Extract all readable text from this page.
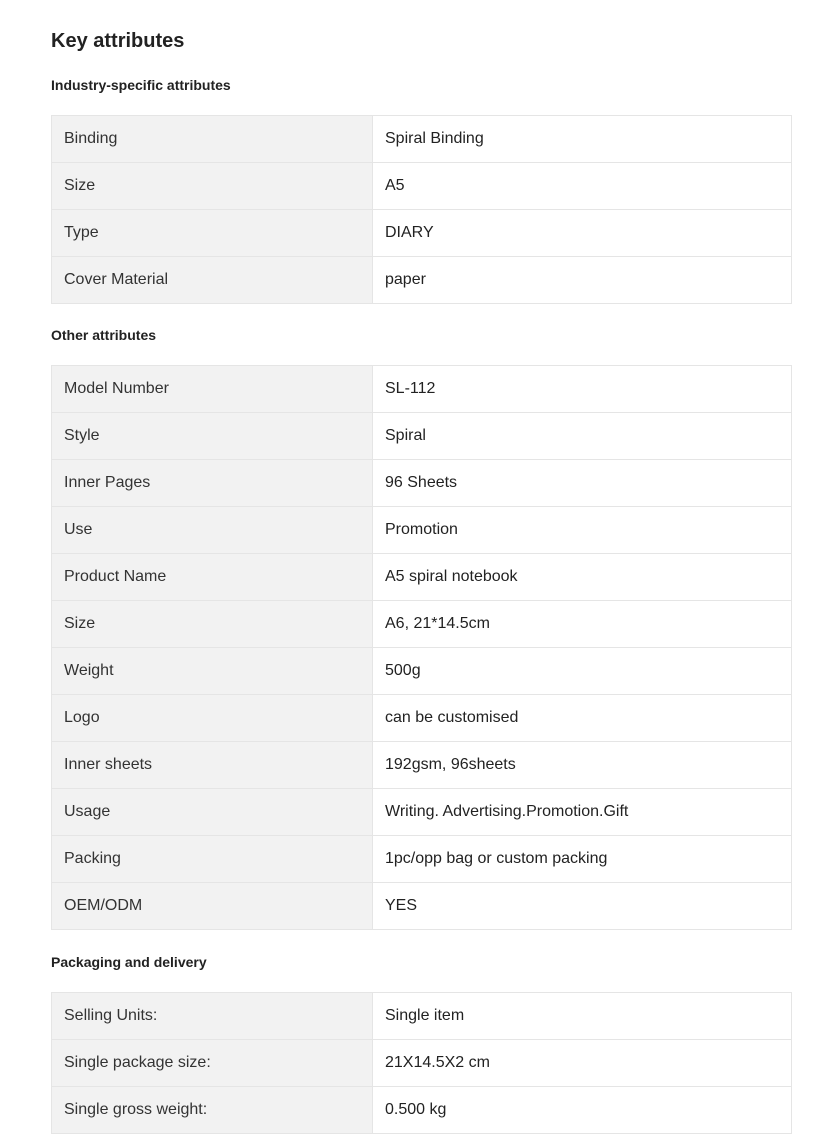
Key attributes
Industry-specific attributes
Binding	Spiral Binding
Size	A5
Type	DIARY
Cover Material	paper
Other attributes
Model Number	SL-112
Style	Spiral
Inner Pages	96 Sheets
Use	Promotion
Product Name	A5 spiral notebook
Size	A6, 21*14.5cm
Weight	500g
Logo	can be customised
Inner sheets	192gsm, 96sheets
Usage	Writing. Advertising.Promotion.Gift
Packing	1pc/opp bag or custom packing
OEM/ODM	YES
Packaging and delivery
Selling Units:	Single item
Single package size:	21X14.5X2 cm
Single gross weight:	0.500 kg
